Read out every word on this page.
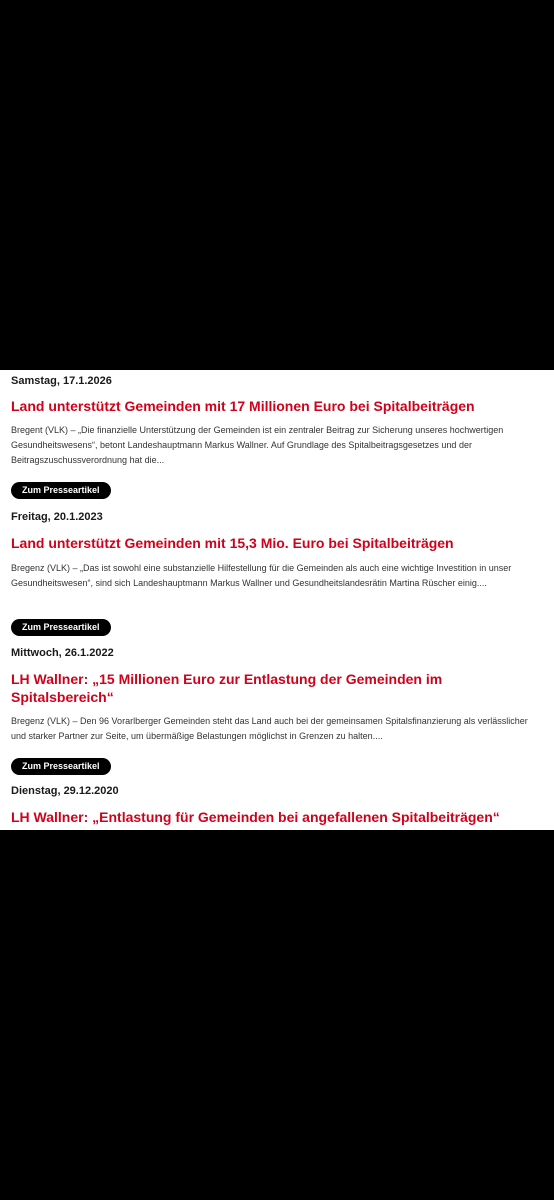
Samstag, 17.1.2026
Land unterstützt Gemeinden mit 17 Millionen Euro bei Spitalbeiträgen
Bregent (VLK) – „Die finanzielle Unterstützung der Gemeinden ist ein zentraler Beitrag zur Sicherung unseres hochwertigen Gesundheitswesens“, betont Landeshauptmann Markus Wallner. Auf Grundlage des Spitalbeitragsgesetzes und der Beitragszuschussverordnung hat die...
Zum Presseartikel
Freitag, 20.1.2023
Land unterstützt Gemeinden mit 15,3 Mio. Euro bei Spitalbeiträgen
Bregenz (VLK) – „Das ist sowohl eine substanzielle Hilfestellung für die Gemeinden als auch eine wichtige Investition in unser Gesundheitswesen“, sind sich Landeshauptmann Markus Wallner und Gesundheitslandesrätin Martina Rüscher einig....
Zum Presseartikel
Mittwoch, 26.1.2022
LH Wallner: „15 Millionen Euro zur Entlastung der Gemeinden im Spitalsbereich“
Bregenz (VLK) – Den 96 Vorarlberger Gemeinden steht das Land auch bei der gemeinsamen Spitalsfinanzierung als verlässlicher und starker Partner zur Seite, um übermäßige Belastungen möglichst in Grenzen zu halten....
Zum Presseartikel
Dienstag, 29.12.2020
LH Wallner: „Entlastung für Gemeinden bei angefallenen Spitalbeiträgen“
